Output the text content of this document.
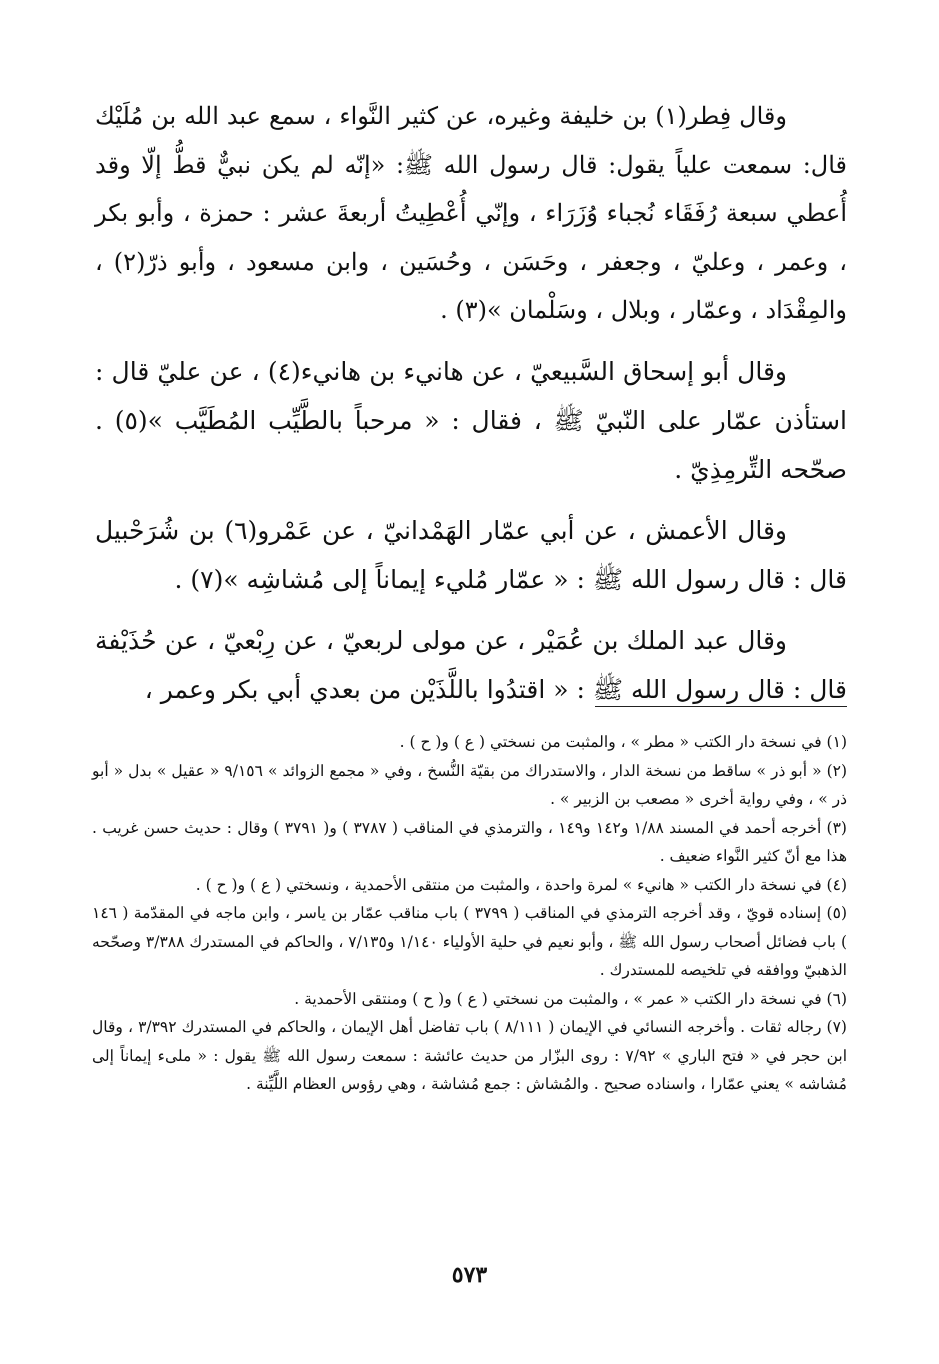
وقال فِطر(١) بن خليفة وغيره، عن كثير النَّواء ، سمع عبد الله بن مُلَيْك قال: سمعت علياً يقول: قال رسول الله ﷺ: «إنّه لم يكن نبيٌّ قطُّ إلّا وقد أُعطي سبعة رُفَقَاء نُجباء وُزَرَاء ، وإنّي أُعْطِيتُ أربعةَ عشر : حمزة ، وأبو بكر ، وعمر ، وعليّ ، وجعفر ، وحَسَن ، وحُسَين ، وابن مسعود ، وأبو ذرّ(٢) ، والمِقْدَاد ، وعمّار ، وبلال ، وسَلْمان »(٣) .

وقال أبو إسحاق السَّبيعيّ ، عن هانيء بن هانيء(٤) ، عن عليّ قال : استأذن عمّار على النّبيّ ﷺ ، فقال : « مرحباً بالطَّيِّب المُطَيَّب »(٥) . صحّحه التِّرمِذِيّ .

وقال الأعمش ، عن أبي عمّار الهَمْدانيّ ، عن عَمْرو(٦) بن شُرَحْبيل قال : قال رسول الله ﷺ : « عمّار مُليء إيماناً إلى مُشاشِه »(٧) .

وقال عبد الملك بن عُمَيْر ، عن مولى لربعيّ ، عن رِبْعيّ ، عن حُذَيْفة قال : قال رسول الله ﷺ : « اقتدُوا باللَّذَيْن من بعدي أبي بكر وعمر ،

(١) في نسخة دار الكتب « مطر » ، والمثبت من نسختي ( ع ) و( ح ) .

(٢) « أبو ذر » ساقط من نسخة الدار ، والاستدراك من بقيّة النُّسخ ، وفي « مجمع الزوائد » ٩/١٥٦ « عقيل » بدل « أبو ذر » ، وفي رواية أخرى « مصعب بن الزبير » .

(٣) أخرجه أحمد في المسند ١/٨٨ و١٤٢ و١٤٩ ، والترمذي في المناقب ( ٣٧٨٧ ) و( ٣٧٩١ ) وقال : حديث حسن غريب . هذا مع أنّ كثير النَّواء ضعيف .

(٤) في نسخة دار الكتب « هانيء » لمرة واحدة ، والمثبت من منتقى الأحمدية ، ونسختي ( ع ) و( ح ) .

(٥) إسناده قويّ ، وقد أخرجه الترمذي في المناقب ( ٣٧٩٩ ) باب مناقب عمّار بن ياسر ، وابن ماجه في المقدّمة ( ١٤٦ ) باب فضائل أصحاب رسول الله ﷺ ، وأبو نعيم في حلية الأولياء ١/١٤٠ و٧/١٣٥ ، والحاكم في المستدرك ٣/٣٨٨ وصحّحه الذهبيّ ووافقه في تلخيصه للمستدرك .

(٦) في نسخة دار الكتب « عمر » ، والمثبت من نسختي ( ع ) و( ح ) ومنتقى الأحمدية .

(٧) رجاله ثقات . وأخرجه النسائي في الإيمان ( ٨/١١١ ) باب تفاضل أهل الإيمان ، والحاكم في المستدرك ٣/٣٩٢ ، وقال ابن حجر في « فتح الباري » ٧/٩٢ : روى البزّار من حديث عائشة : سمعت رسول الله ﷺ يقول : « ملىء إيماناً إلى مُشاشه » يعني عمّارا ، واسناده صحيح . والمُشاش : جمع مُشاشة ، وهي رؤوس العظام اللَّيِّنة .

٥٧٣
